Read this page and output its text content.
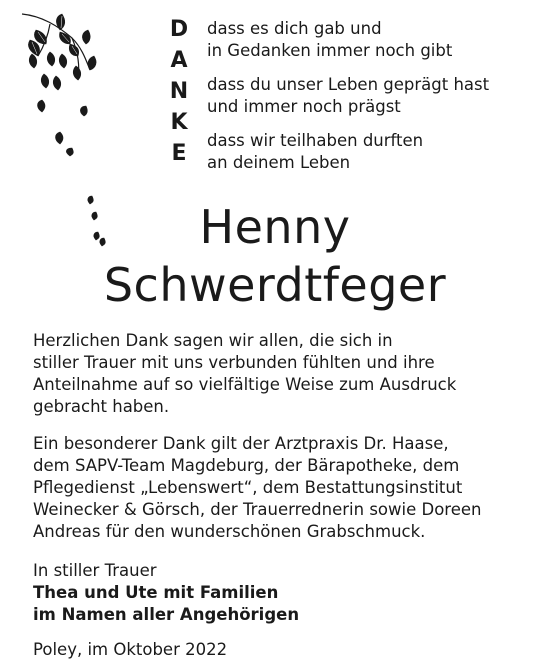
D
A
N
K
E
dass es dich gab und
in Gedanken immer noch gibt
dass du unser Leben geprägt hast
und immer noch prägst
dass wir teilhaben durften
an deinem Leben
Henny
Schwerdtfeger
Herzlichen Dank sagen wir allen, die sich in
stiller Trauer mit uns verbunden fühlten und ihre
Anteilnahme auf so vielfältige Weise zum Ausdruck
gebracht haben.
Ein besonderer Dank gilt der Arztpraxis Dr. Haase,
dem SAPV-Team Magdeburg, der Bärapotheke, dem
Pflegedienst „Lebenswert“, dem Bestattungsinstitut
Weinecker & Görsch, der Trauerrednerin sowie Doreen
Andreas für den wunderschönen Grabschmuck.
In stiller Trauer
Thea und Ute mit Familien
im Namen aller Angehörigen
Poley, im Oktober 2022
